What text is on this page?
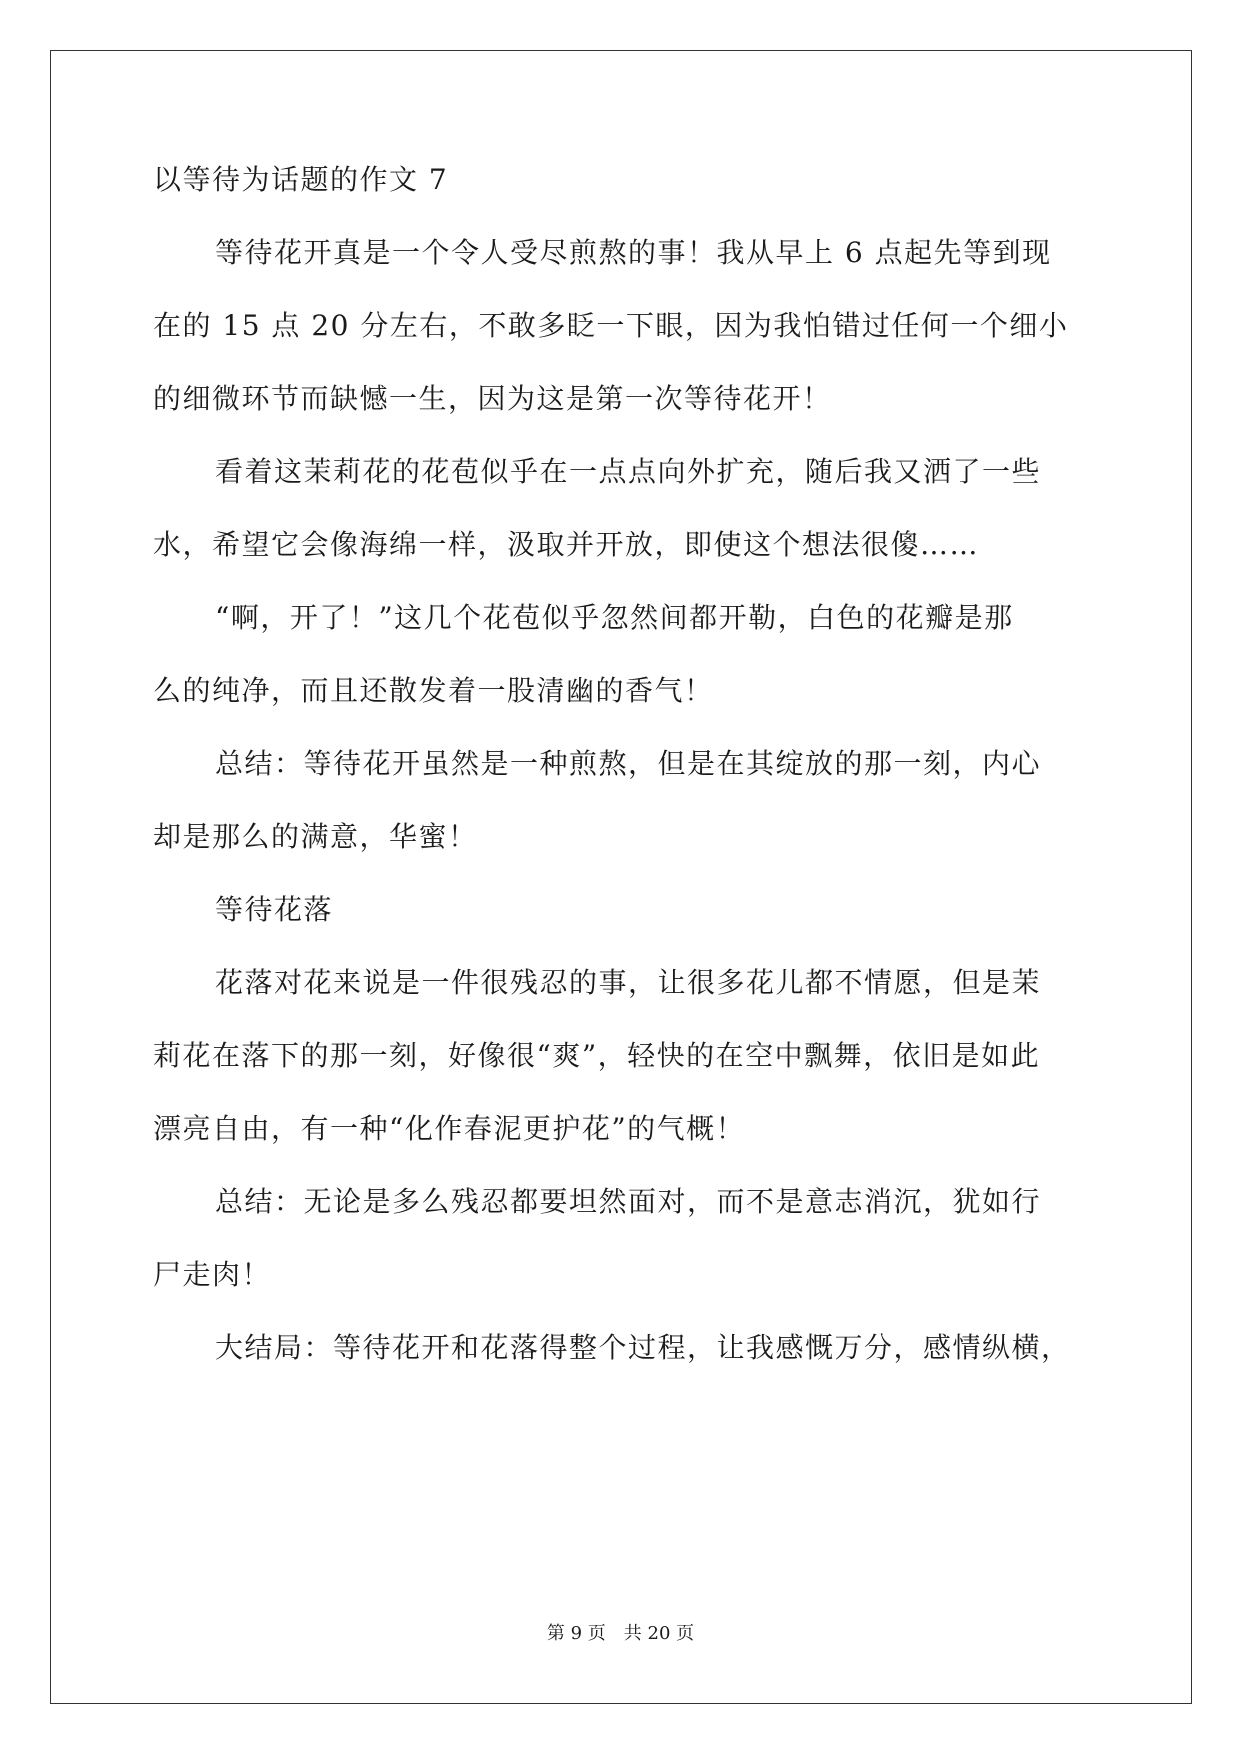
以等待为话题的作文 7
等待花开真是一个令人受尽煎熬的事！我从早上 6 点起先等到现
在的 15 点 20 分左右，不敢多眨一下眼，因为我怕错过任何一个细小
的细微环节而缺憾一生，因为这是第一次等待花开！
看着这茉莉花的花苞似乎在一点点向外扩充，随后我又洒了一些
水，希望它会像海绵一样，汲取并开放，即使这个想法很傻……
“啊，开了！”这几个花苞似乎忽然间都开勒，白色的花瓣是那
么的纯净，而且还散发着一股清幽的香气！
总结：等待花开虽然是一种煎熬，但是在其绽放的那一刻，内心
却是那么的满意，华蜜！
等待花落
花落对花来说是一件很残忍的事，让很多花儿都不情愿，但是茉
莉花在落下的那一刻，好像很“爽”，轻快的在空中飘舞，依旧是如此
漂亮自由，有一种“化作春泥更护花”的气概！
总结：无论是多么残忍都要坦然面对，而不是意志消沉，犹如行
尸走肉！
大结局：等待花开和花落得整个过程，让我感慨万分，感情纵横，
第 9 页 共 20 页
